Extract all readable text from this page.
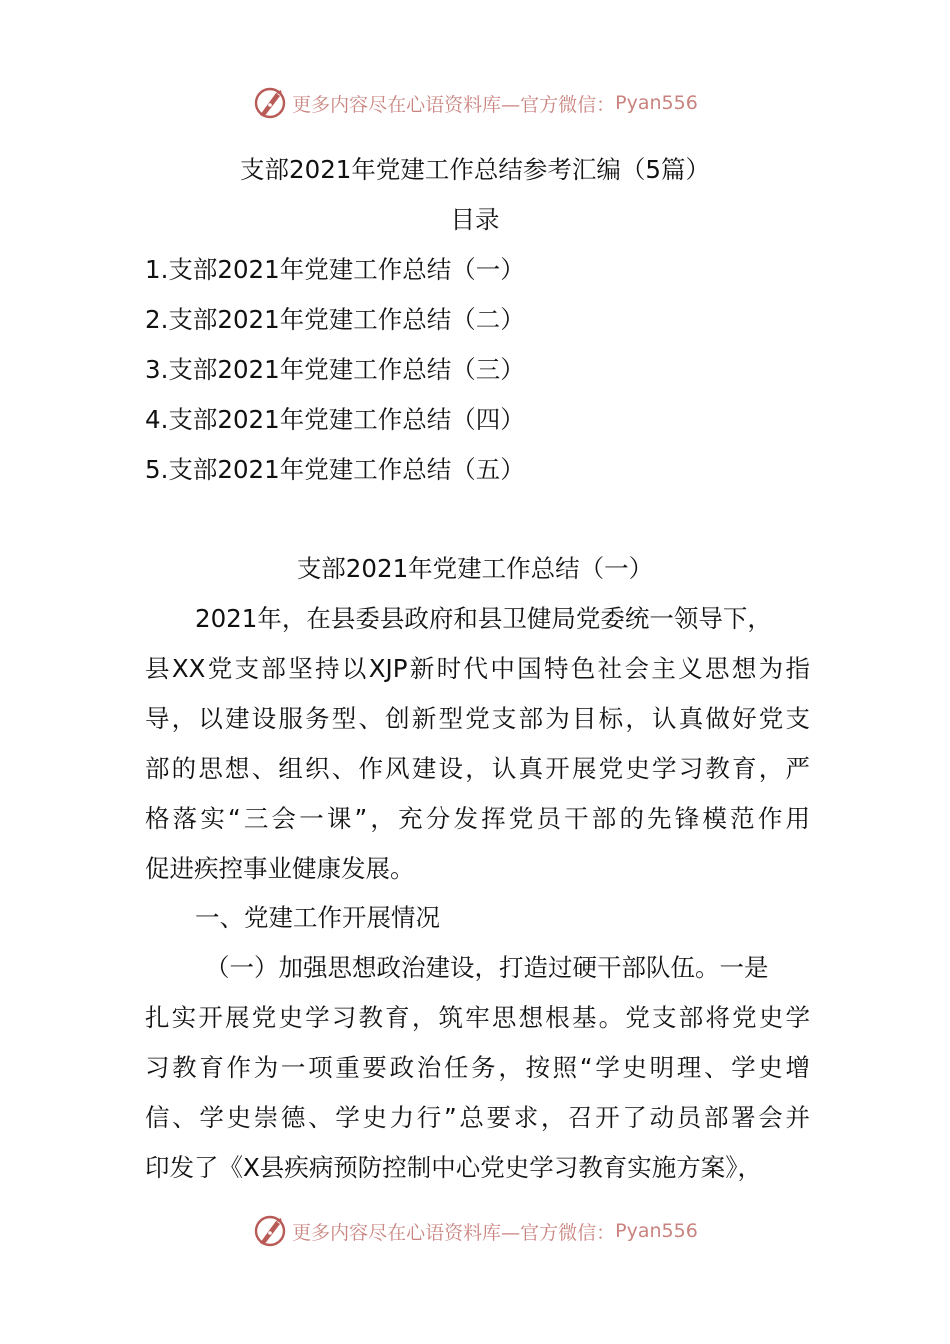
更多内容尽在心语资料库—官方微信： Pyan556
支部2021年党建工作总结参考汇编（5篇）
目录
1.支部2021年党建工作总结（一）
2.支部2021年党建工作总结（二）
3.支部2021年党建工作总结（三）
4.支部2021年党建工作总结（四）
5.支部2021年党建工作总结（五）
支部2021年党建工作总结（一）
2021年，在县委县政府和县卫健局党委统一领导下，
县XX党支部坚持以XJP新时代中国特色社会主义思想为指
导，以建设服务型、创新型党支部为目标，认真做好党支
部的思想、组织、作风建设，认真开展党史学习教育，严
格落实“三会一课”，充分发挥党员干部的先锋模范作用
促进疾控事业健康发展。
一、党建工作开展情况
（一）加强思想政治建设，打造过硬干部队伍。一是
扎实开展党史学习教育，筑牢思想根基。党支部将党史学
习教育作为一项重要政治任务，按照“学史明理、学史增
信、学史崇德、学史力行”总要求，召开了动员部署会并
印发了《X县疾病预防控制中心党史学习教育实施方案》，
更多内容尽在心语资料库—官方微信： Pyan556
